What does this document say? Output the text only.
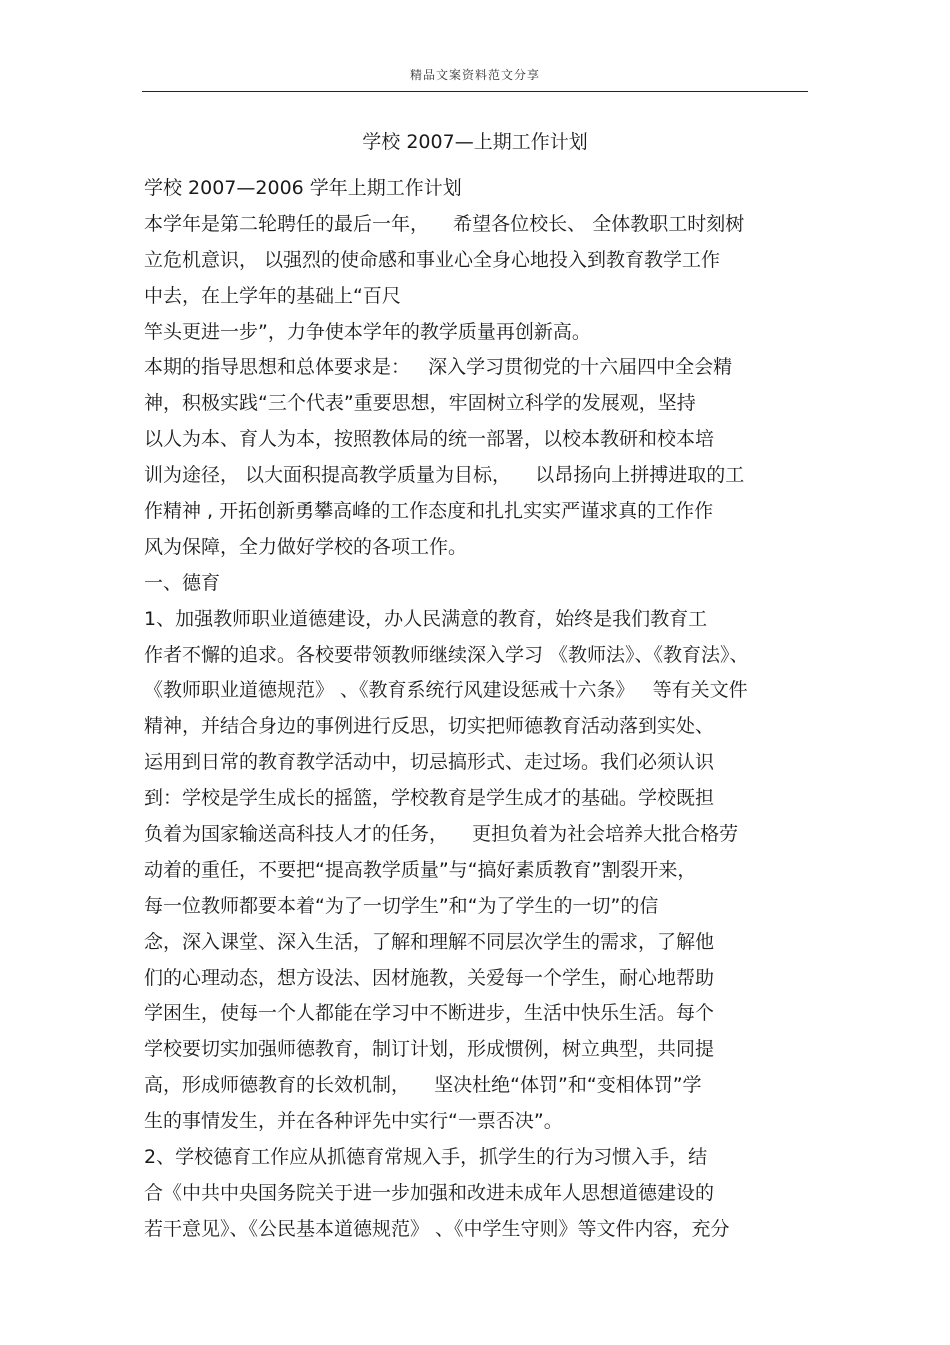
精品文案资料范文分享
学校 2007—上期工作计划
学校 2007—2006 学年上期工作计划
本学年是第二轮聘任的最后一年，    希望各位校长、 全体教职工时刻树
立危机意识， 以强烈的使命感和事业心全身心地投入到教育教学工作
中去，在上学年的基础上“百尺
竿头更进一步”，力争使本学年的教学质量再创新高。
本期的指导思想和总体要求是：   深入学习贯彻党的十六届四中全会精
神，积极实践“三个代表”重要思想，牢固树立科学的发展观，坚持
以人为本、育人为本，按照教体局的统一部署，以校本教研和校本培
训为途径， 以大面积提高教学质量为目标，    以昂扬向上拼搏进取的工
作精神 , 开拓创新勇攀高峰的工作态度和扎扎实实严谨求真的工作作
风为保障，全力做好学校的各项工作。
一、德育
1、加强教师职业道德建设，办人民满意的教育，始终是我们教育工
作者不懈的追求。各校要带领教师继续深入学习 《教师法》、《教育法》、
《教师职业道德规范》 、《教育系统行风建设惩戒十六条》   等有关文件
精神，并结合身边的事例进行反思，切实把师德教育活动落到实处、
运用到日常的教育教学活动中，切忌搞形式、走过场。我们必须认识
到：学校是学生成长的摇篮，学校教育是学生成才的基础。学校既担
负着为国家输送高科技人才的任务，    更担负着为社会培养大批合格劳
动着的重任，不要把“提高教学质量”与“搞好素质教育”割裂开来，
每一位教师都要本着“为了一切学生”和“为了学生的一切”的信
念，深入课堂、深入生活，了解和理解不同层次学生的需求，了解他
们的心理动态，想方设法、因材施教，关爱每一个学生，耐心地帮助
学困生，使每一个人都能在学习中不断进步，生活中快乐生活。每个
学校要切实加强师德教育，制订计划，形成惯例，树立典型，共同提
高，形成师德教育的长效机制，    坚决杜绝“体罚”和“变相体罚”学
生的事情发生，并在各种评先中实行“一票否决”。
2、学校德育工作应从抓德育常规入手，抓学生的行为习惯入手，结
合《中共中央国务院关于进一步加强和改进未成年人思想道德建设的
若干意见》、《公民基本道德规范》 、《中学生守则》等文件内容，充分
